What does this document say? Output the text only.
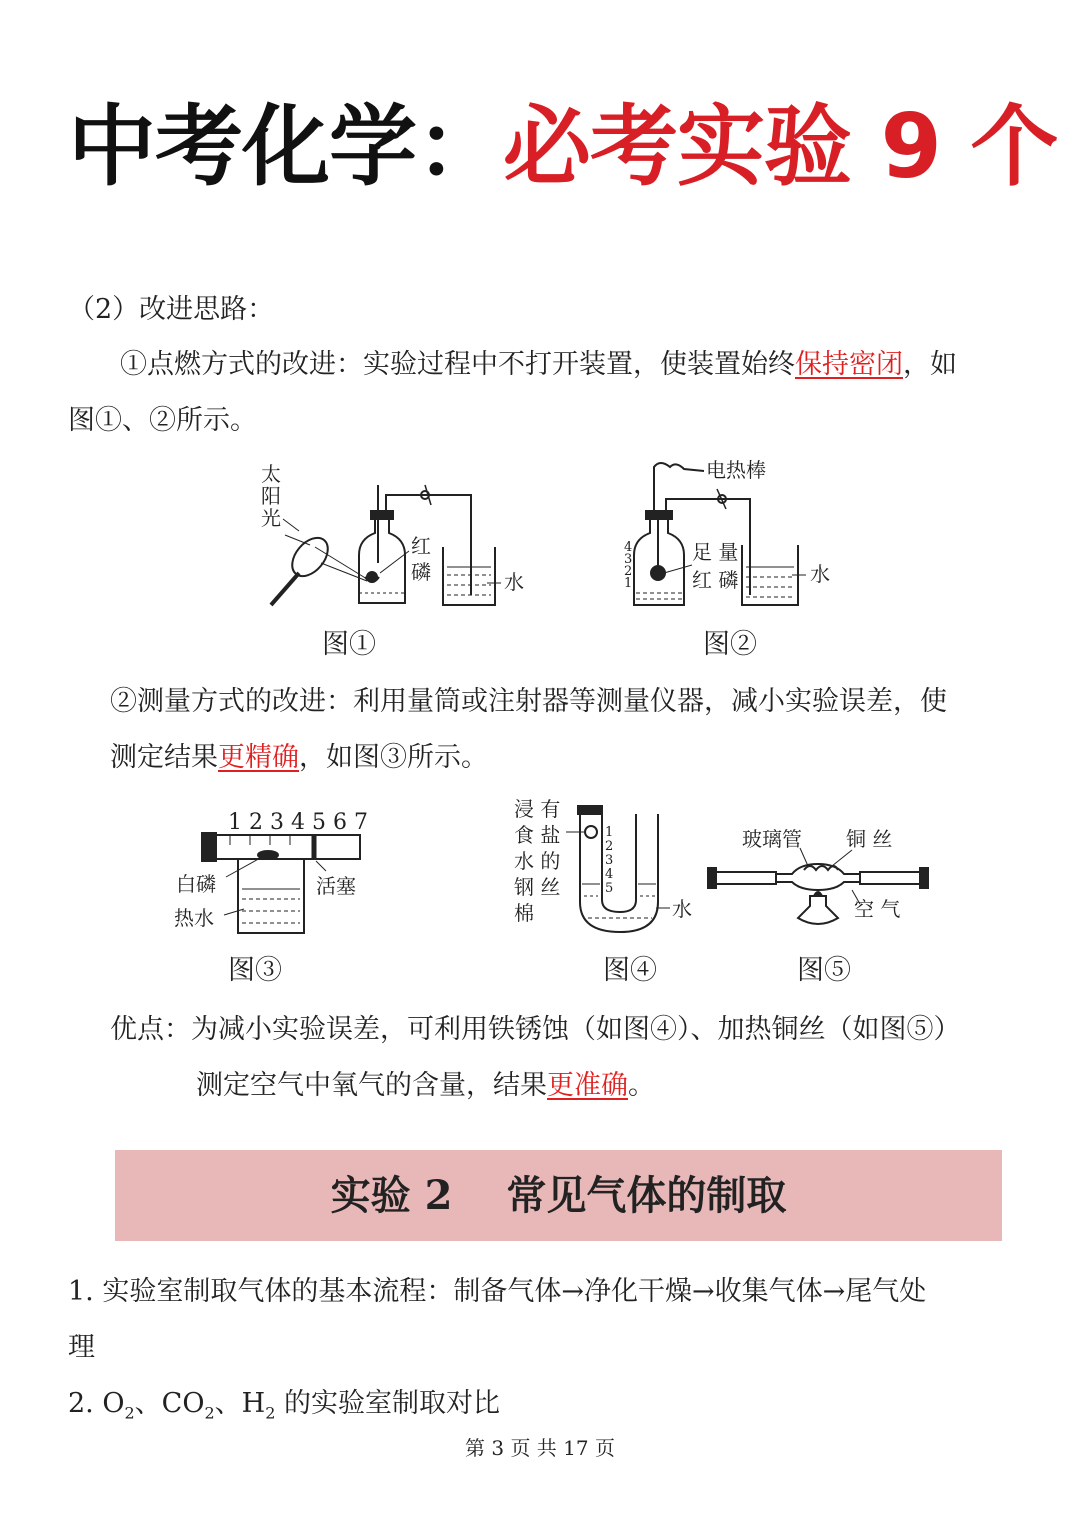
中考化学：必考实验 9 个
（2）改进思路：
①点燃方式的改进：实验过程中不打开装置，使装置始终保持密闭，如
图①、②所示。
太
阳
光
红
磷	水
图①
电热棒
足 量
红 磷	水
4
3
2
1
图②
②测量方式的改进：利用量筒或注射器等测量仪器，减小实验误差，使
测定结果更精确，如图③所示。
1 2 3 4 5 6 7
白磷
热水
活塞
图③
浸 有
食 盐
水 的
钢 丝
棉	水
1
2
3
4
5
图④
玻璃管 铜 丝
空 气
图⑤
优点：为减小实验误差，可利用铁锈蚀（如图④）、加热铜丝（如图⑤）
测定空气中氧气的含量，结果更准确。
实验 2　 常见气体的制取
1. 实验室制取气体的基本流程：制备气体→净化干燥→收集气体→尾气处
理
2. $O_2$、$CO_2$、$H_2$ 的实验室制取对比
第 3 页 共 17 页
